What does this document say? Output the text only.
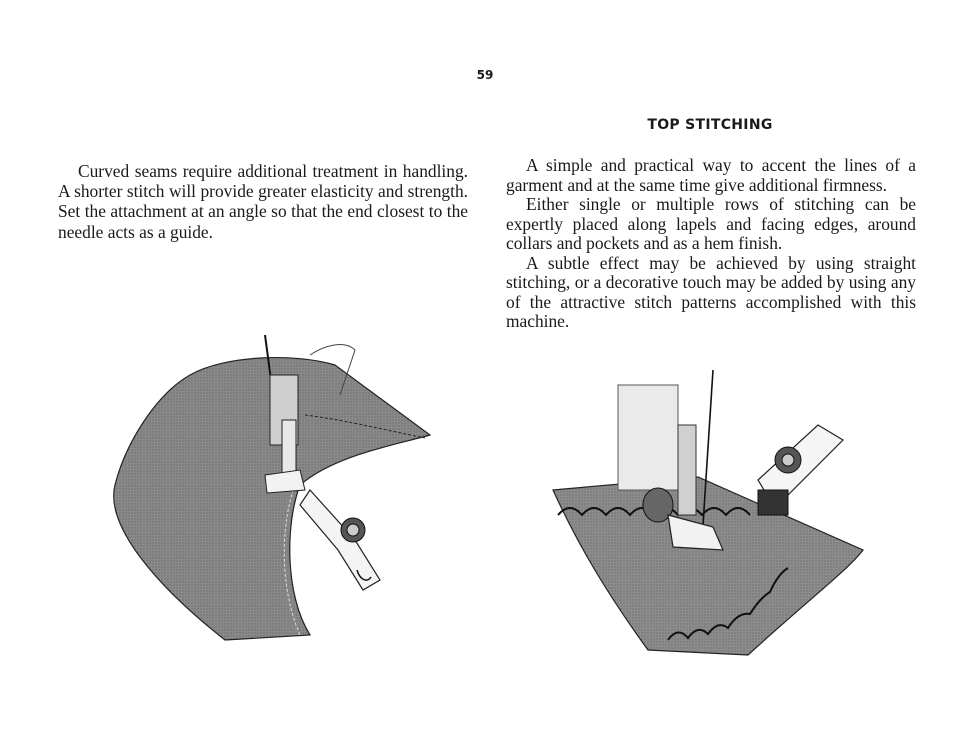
59
TOP STITCHING

Curved seams require additional treatment in handling. A shorter stitch will provide greater elasticity and strength. Set the attachment at an angle so that the end closest to the needle acts as a guide.

A simple and practical way to accent the lines of a garment and at the same time give additional firmness.

Either single or multiple rows of stitching can be expertly placed along lapels and facing edges, around collars and pockets and as a hem finish.

A subtle effect may be achieved by using straight stitching, or a decorative touch may be added by using any of the attractive stitch patterns accomplished with this machine.
